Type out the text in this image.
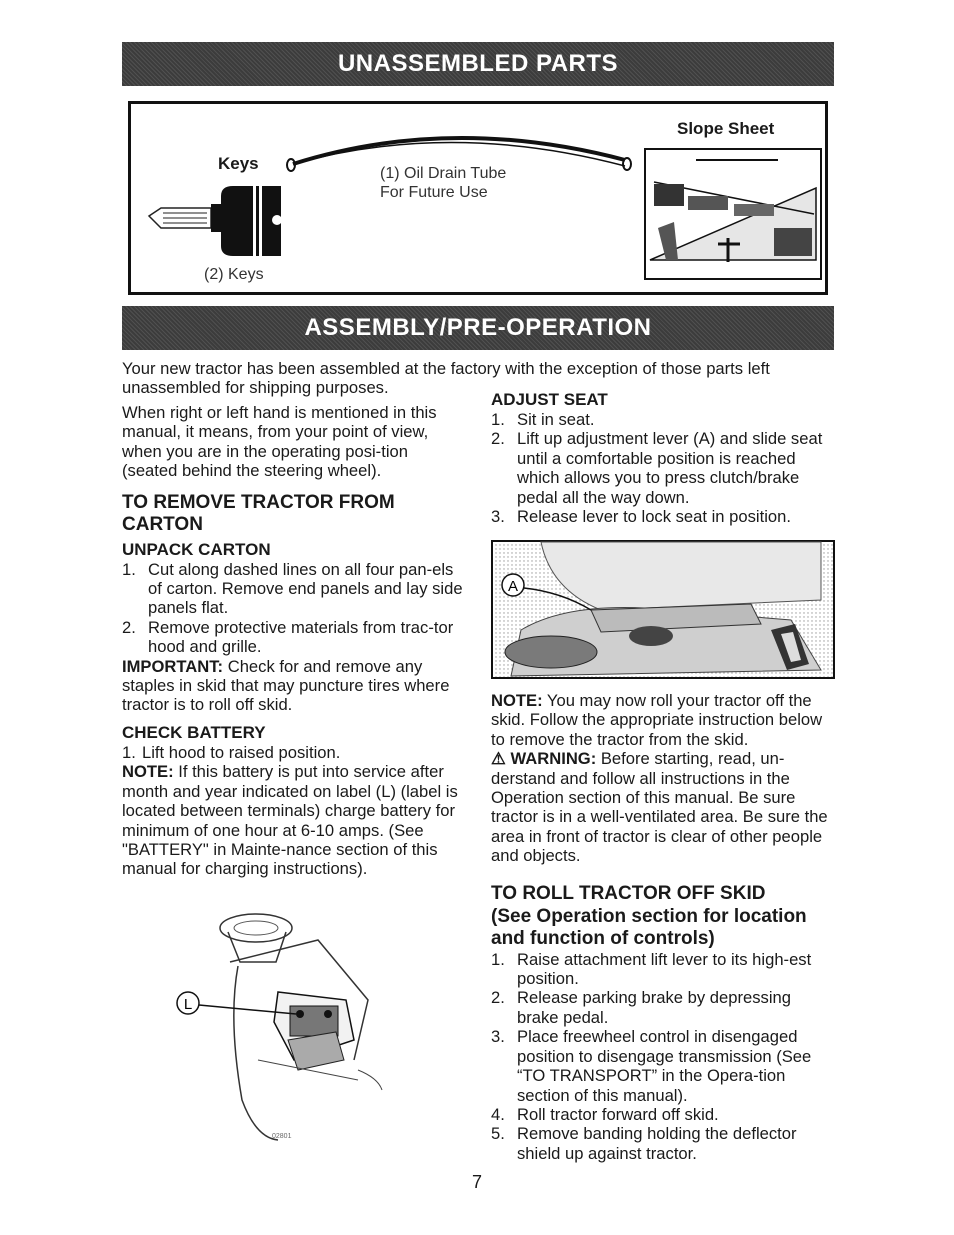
UNASSEMBLED PARTS
Keys
(2) Keys
(1) Oil Drain Tube
For Future Use
Slope Sheet
ASSEMBLY/PRE-OPERATION
Your new tractor has been assembled at the factory with the exception of those parts left
unassembled for shipping purposes.

When right or left hand is mentioned in this manual, it means, from your point of view, when you are in the operating posi-tion (seated behind the steering wheel).

TO REMOVE TRACTOR FROM CARTON
UNPACK CARTON
1. Cut along dashed lines on all four pan-els of carton. Remove end panels and lay side panels flat.
2. Remove protective materials from trac-tor hood and grille.

IMPORTANT: Check for and remove any staples in skid that may puncture tires where tractor is to roll off skid.

CHECK BATTERY
1. Lift hood to raised position.

NOTE: If this battery is put into service after month and year indicated on label (L) (label is located between terminals) charge battery for minimum of one hour at 6-10 amps. (See "BATTERY" in Mainte-nance section of this manual for charging instructions).

L
02801
ADJUST SEAT
1. Sit in seat.
2. Lift up adjustment lever (A) and slide seat until a comfortable position is reached which allows you to press clutch/brake pedal all the way down.
3. Release lever to lock seat in position.
A

NOTE: You may now roll your tractor off the skid. Follow the appropriate instruction below to remove the tractor from the skid.

⚠ WARNING: Before starting, read, un-derstand and follow all instructions in the Operation section of this manual. Be sure tractor is in a well-ventilated area. Be sure the area in front of tractor is clear of other people and objects.

TO ROLL TRACTOR OFF SKID
(See Operation section for location and function of controls)
1. Raise attachment lift lever to its high-est position.
2. Release parking brake by depressing brake pedal.
3. Place freewheel control in disengaged position to disengage transmission (See “TO TRANSPORT” in the Opera-tion section of this manual).
4. Roll tractor forward off skid.
5. Remove banding holding the deflector shield up against tractor.
7
